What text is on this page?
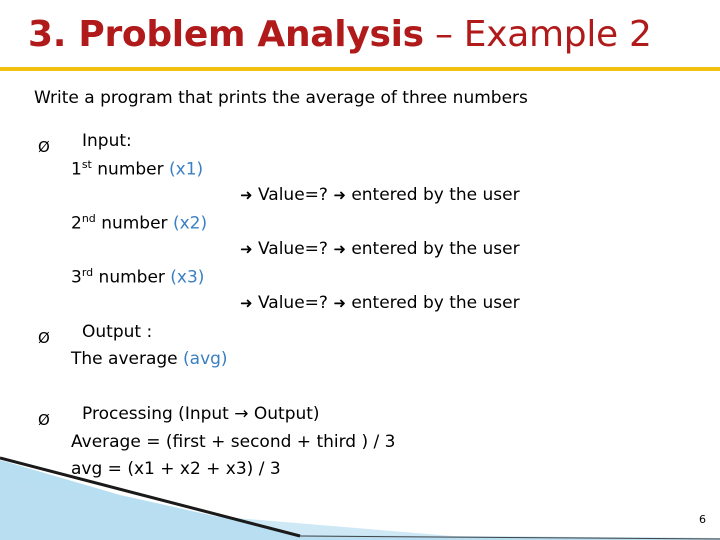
3. Problem Analysis – Example 2
Write a program that prints the average of three numbers
Ø Input:
1st number (x1)
➜ Value=? ➜ entered by the user
2nd number (x2)
➜ Value=? ➜ entered by the user
3rd number (x3)
➜ Value=? ➜ entered by the user
Ø Output :
The average (avg)
Ø Processing (Input → Output)
Average = (first + second + third ) / 3
avg = (x1 + x2 + x3) / 3
6
